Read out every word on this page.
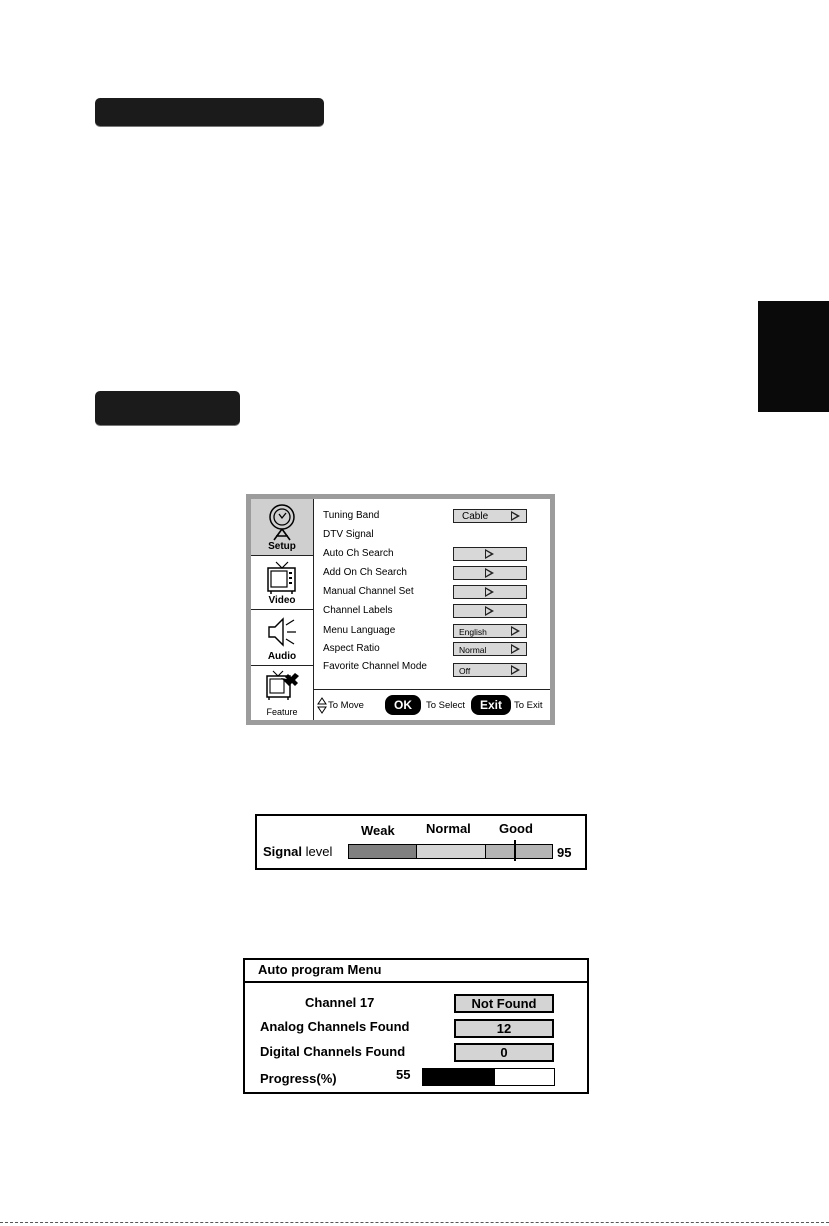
Setup
Video
Audio
Feature
Tuning Band	Cable
DTV Signal
Auto Ch Search
Add On Ch Search
Manual Channel Set
Channel Labels
Menu Language	English
Aspect Ratio	Normal
Favorite Channel Mode	Off
To Move	OK	To Select	Exit	To Exit
Weak Normal Good
Signal level	95
Auto program Menu
Channel 17	Not Found
Analog Channels Found	12
Digital Channels Found	0
Progress(%)	55
